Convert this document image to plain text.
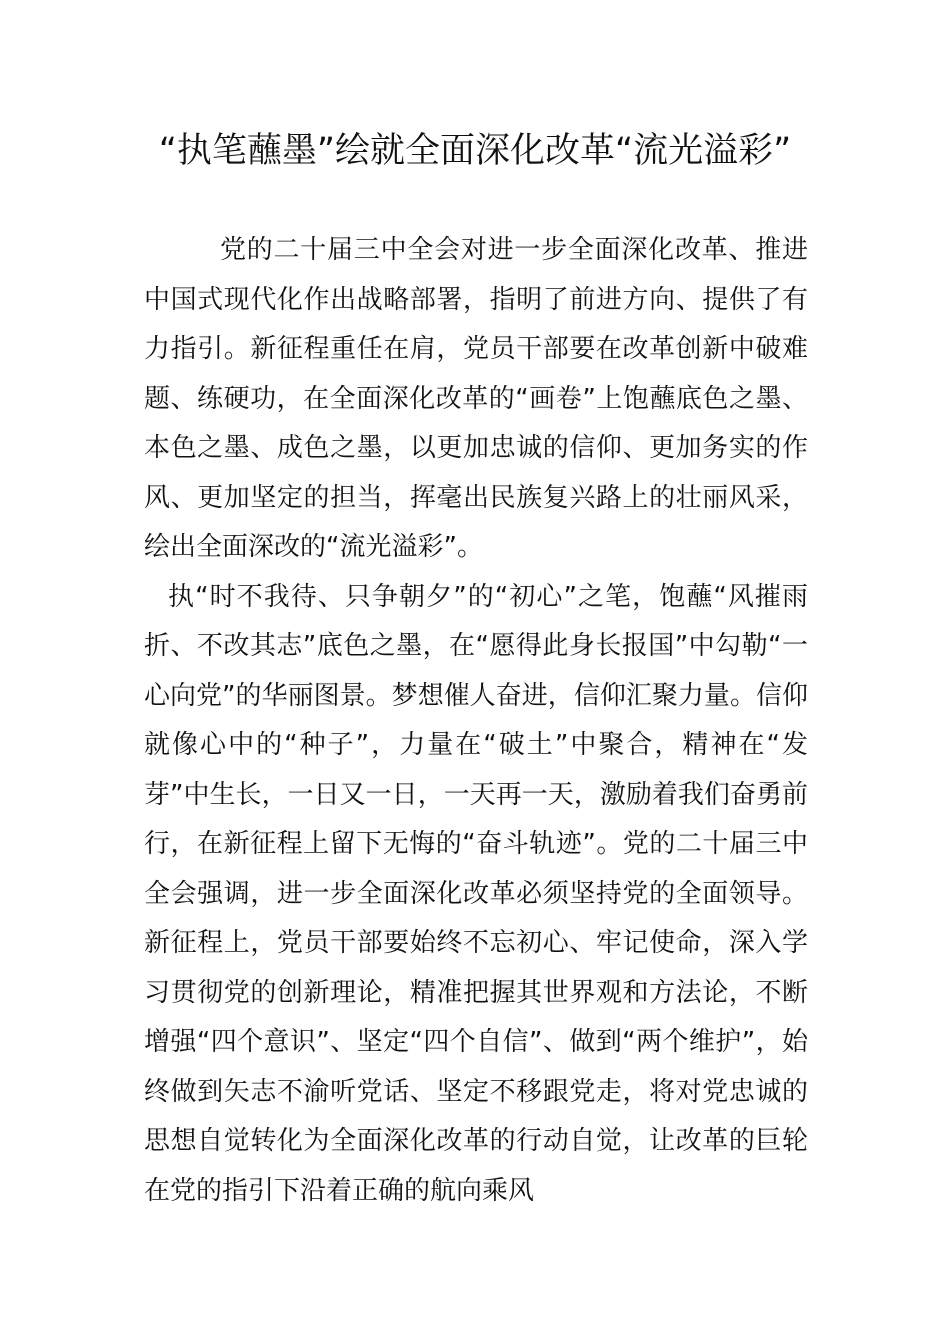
“执笔蘸墨”绘就全面深化改革“流光溢彩”

党的二十届三中全会对进一步全面深化改革、推进中国式现代化作出战略部署，指明了前进方向、提供了有力指引。新征程重任在肩，党员干部要在改革创新中破难题、练硬功，在全面深化改革的“画卷”上饱蘸底色之墨、本色之墨、成色之墨，以更加忠诚的信仰、更加务实的作风、更加坚定的担当，挥毫出民族复兴路上的壮丽风采，绘出全面深改的“流光溢彩”。

执“时不我待、只争朝夕”的“初心”之笔，饱蘸“风摧雨折、不改其志”底色之墨，在“愿得此身长报国”中勾勒“一心向党”的华丽图景。梦想催人奋进，信仰汇聚力量。信仰就像心中的“种子”，力量在“破土”中聚合，精神在“发芽”中生长，一日又一日，一天再一天，激励着我们奋勇前行，在新征程上留下无悔的“奋斗轨迹”。党的二十届三中全会强调，进一步全面深化改革必须坚持党的全面领导。新征程上，党员干部要始终不忘初心、牢记使命，深入学习贯彻党的创新理论，精准把握其世界观和方法论，不断增强“四个意识”、坚定“四个自信”、做到“两个维护”，始终做到矢志不渝听党话、坚定不移跟党走，将对党忠诚的思想自觉转化为全面深化改革的行动自觉，让改革的巨轮在党的指引下沿着正确的航向乘风
